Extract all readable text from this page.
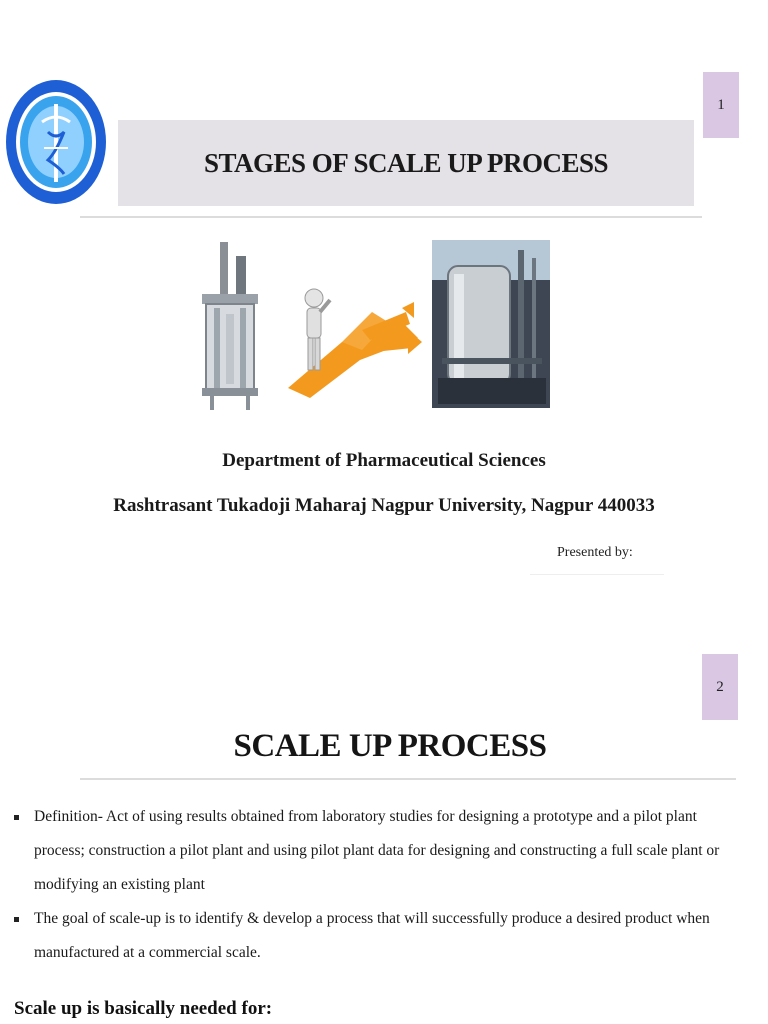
1
STAGES OF SCALE UP PROCESS
Department of Pharmaceutical Sciences
Rashtrasant Tukadoji Maharaj Nagpur University, Nagpur 440033
Presented by:
2
SCALE UP PROCESS
Definition- Act of using results obtained from laboratory studies for designing a prototype and a pilot plant process; construction a pilot plant and using pilot plant data for designing and constructing a full scale plant or modifying an existing plant
The goal of scale-up is to identify & develop a process that will successfully produce a desired product when manufactured at a commercial scale.
Scale up is basically needed for:
